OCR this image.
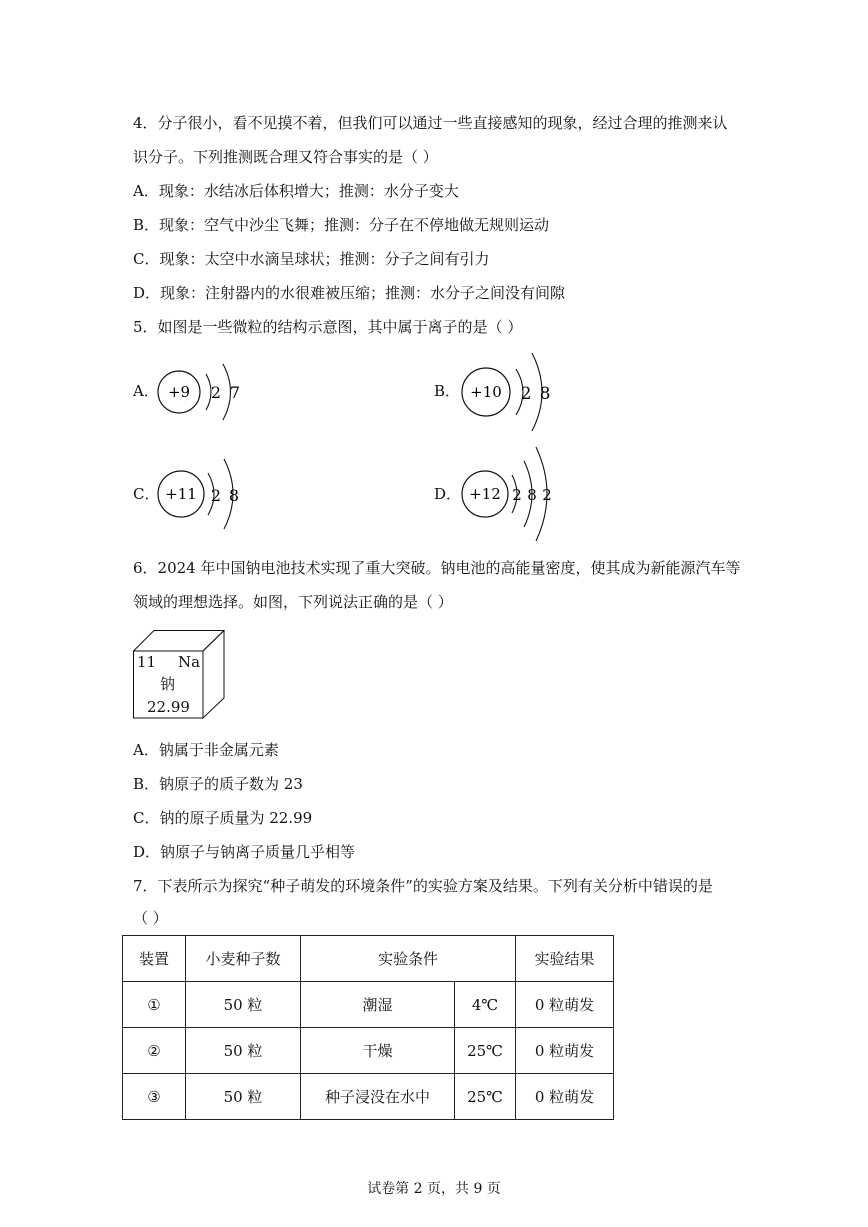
4．分子很小，看不见摸不着，但我们可以通过一些直接感知的现象，经过合理的推测来认
识分子。下列推测既合理又符合事实的是（ ）
A．现象：水结冰后体积增大；推测：水分子变大
B．现象：空气中沙尘飞舞；推测：分子在不停地做无规则运动
C．现象：太空中水滴呈球状；推测：分子之间有引力
D．现象：注射器内的水很难被压缩；推测：水分子之间没有间隙
5．如图是一些微粒的结构示意图，其中属于离子的是（ ）
A． +9 2 7	B． +10 2 8
C． +11 2 8	D． +12 2 8 2
6．2024 年中国钠电池技术实现了重大突破。钠电池的高能量密度，使其成为新能源汽车等
领域的理想选择。如图，下列说法正确的是（ ）
11 Na
钠
22.99
A．钠属于非金属元素
B．钠原子的质子数为 23
C．钠的原子质量为 22.99
D．钠原子与钠离子质量几乎相等
7．下表所示为探究“种子萌发的环境条件”的实验方案及结果。下列有关分析中错误的是
（ ）
装置	小麦种子数	实验条件		实验结果
①	50 粒	潮湿	4℃	0 粒萌发
②	50 粒	干燥	25℃	0 粒萌发
③	50 粒	种子浸没在水中	25℃	0 粒萌发
试卷第 2 页，共 9 页
